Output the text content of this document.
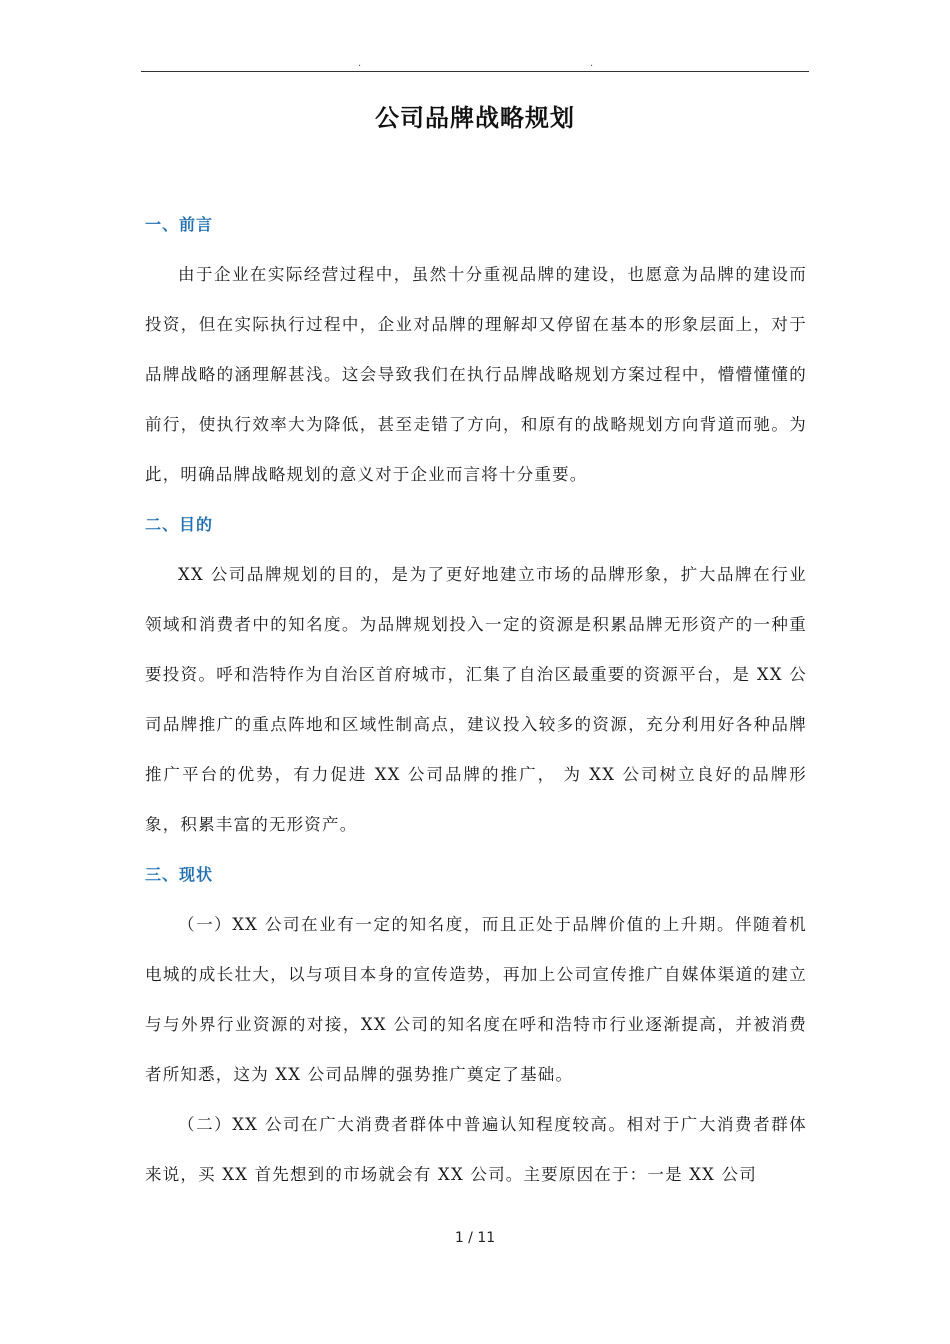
.	.
公司品牌战略规划
一、前言

由于企业在实际经营过程中，虽然十分重视品牌的建设，也愿意为品牌的建设而投资，但在实际执行过程中，企业对品牌的理解却又停留在基本的形象层面上，对于品牌战略的涵理解甚浅。这会导致我们在执行品牌战略规划方案过程中，懵懵懂懂的前行，使执行效率大为降低，甚至走错了方向，和原有的战略规划方向背道而驰。为此，明确品牌战略规划的意义对于企业而言将十分重要。

二、目的

XX 公司品牌规划的目的，是为了更好地建立市场的品牌形象，扩大品牌在行业领域和消费者中的知名度。为品牌规划投入一定的资源是积累品牌无形资产的一种重要投资。呼和浩特作为自治区首府城市，汇集了自治区最重要的资源平台，是 XX 公司品牌推广的重点阵地和区域性制高点，建议投入较多的资源，充分利用好各种品牌推广平台的优势，有力促进 XX 公司品牌的推广， 为 XX 公司树立良好的品牌形象，积累丰富的无形资产。

三、现状

（一）XX 公司在业有一定的知名度，而且正处于品牌价值的上升期。伴随着机电城的成长壮大，以与项目本身的宣传造势，再加上公司宣传推广自媒体渠道的建立与与外界行业资源的对接，XX 公司的知名度在呼和浩特市行业逐渐提高，并被消费者所知悉，这为 XX 公司品牌的强势推广奠定了基础。

（二）XX 公司在广大消费者群体中普遍认知程度较高。相对于广大消费者群体来说，买 XX 首先想到的市场就会有 XX 公司。主要原因在于：一是 XX 公司

1 / 11
